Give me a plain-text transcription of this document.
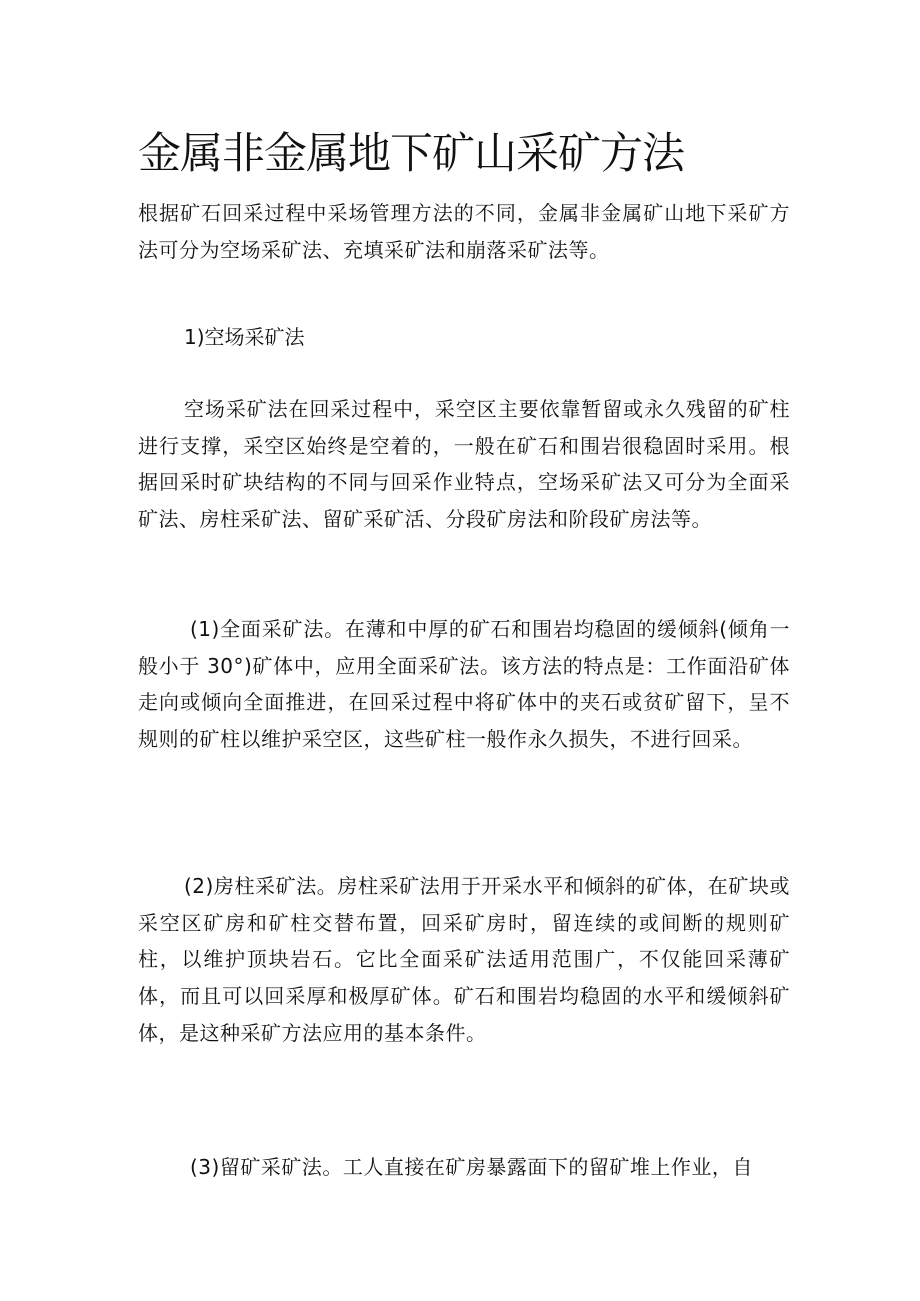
金属非金属地下矿山采矿方法

根据矿石回采过程中采场管理方法的不同，金属非金属矿山地下采矿方法可分为空场采矿法、充填采矿法和崩落采矿法等。

1)空场采矿法

空场采矿法在回采过程中，采空区主要依靠暂留或永久残留的矿柱进行支撑，采空区始终是空着的，一般在矿石和围岩很稳固时采用。根据回采时矿块结构的不同与回采作业特点，空场采矿法又可分为全面采矿法、房柱采矿法、留矿采矿活、分段矿房法和阶段矿房法等。

(1)全面采矿法。在薄和中厚的矿石和围岩均稳固的缓倾斜(倾角一般小于 30°)矿体中，应用全面采矿法。该方法的特点是：工作面沿矿体走向或倾向全面推进，在回采过程中将矿体中的夹石或贫矿留下，呈不规则的矿柱以维护采空区，这些矿柱一般作永久损失，不进行回采。

(2)房柱采矿法。房柱采矿法用于开采水平和倾斜的矿体，在矿块或采空区矿房和矿柱交替布置，回采矿房时，留连续的或间断的规则矿柱，以维护顶块岩石。它比全面采矿法适用范围广，不仅能回采薄矿体，而且可以回采厚和极厚矿体。矿石和围岩均稳固的水平和缓倾斜矿体，是这种采矿方法应用的基本条件。

(3)留矿采矿法。工人直接在矿房暴露面下的留矿堆上作业，自
